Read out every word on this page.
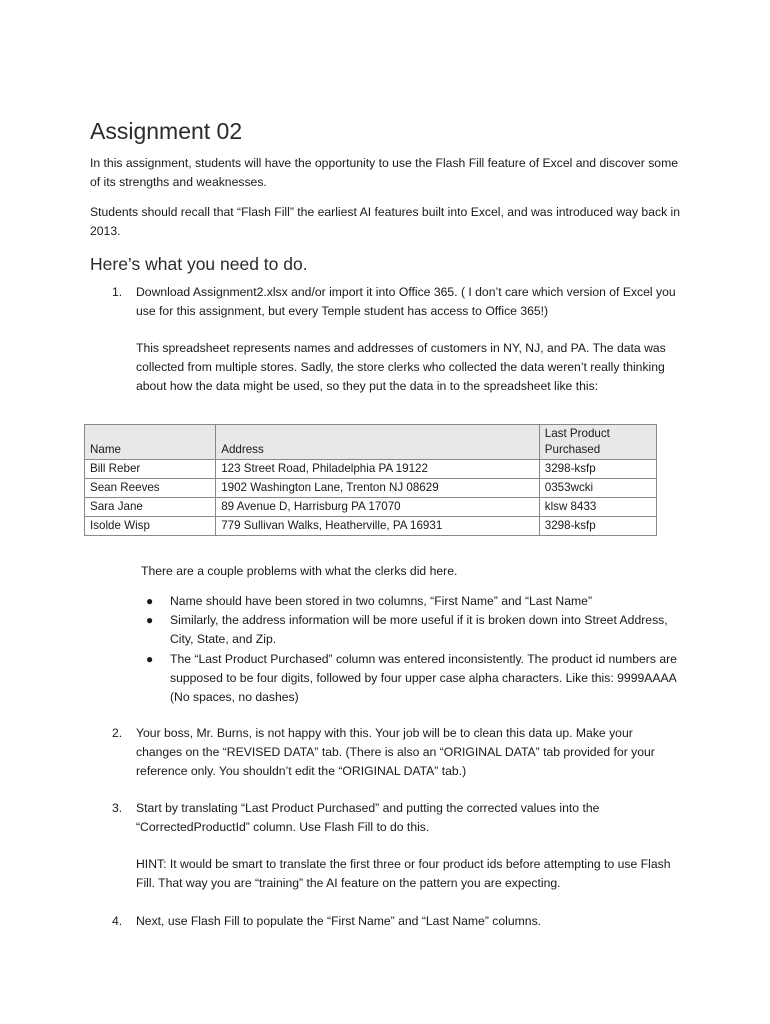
Assignment 02

In this assignment, students will have the opportunity to use the Flash Fill feature of Excel and discover some of its strengths and weaknesses.

Students should recall that “Flash Fill” the earliest AI features built into Excel, and was introduced way back in 2013.

Here’s what you need to do.
1. Download Assignment2.xlsx and/or import it into Office 365. ( I don’t care which version of Excel you use for this assignment, but every Temple student has access to Office 365!)

This spreadsheet represents names and addresses of customers in NY, NJ, and PA. The data was collected from multiple stores. Sadly, the store clerks who collected the data weren’t really thinking about how the data might be used, so they put the data in to the spreadsheet like this:

Name	Address	Last Product Purchased
Bill Reber	123 Street Road, Philadelphia PA 19122	3298-ksfp
Sean Reeves	1902 Washington Lane, Trenton NJ 08629	0353wcki
Sara Jane	89 Avenue D, Harrisburg PA 17070	klsw 8433
Isolde Wisp	779 Sullivan Walks, Heatherville, PA 16931	3298-ksfp

There are a couple problems with what the clerks did here.

● Name should have been stored in two columns, “First Name” and “Last Name”

● Similarly, the address information will be more useful if it is broken down into Street Address, City, State, and Zip.

● The “Last Product Purchased” column was entered inconsistently. The product id numbers are supposed to be four digits, followed by four upper case alpha characters. Like this: 9999AAAA (No spaces, no dashes)

2. Your boss, Mr. Burns, is not happy with this. Your job will be to clean this data up. Make your changes on the “REVISED DATA” tab. (There is also an “ORIGINAL DATA” tab provided for your reference only. You shouldn’t edit the “ORIGINAL DATA” tab.)

3. Start by translating “Last Product Purchased” and putting the corrected values into the “CorrectedProductId” column. Use Flash Fill to do this.

HINT: It would be smart to translate the first three or four product ids before attempting to use Flash Fill. That way you are “training” the AI feature on the pattern you are expecting.

4. Next, use Flash Fill to populate the “First Name” and “Last Name” columns.
